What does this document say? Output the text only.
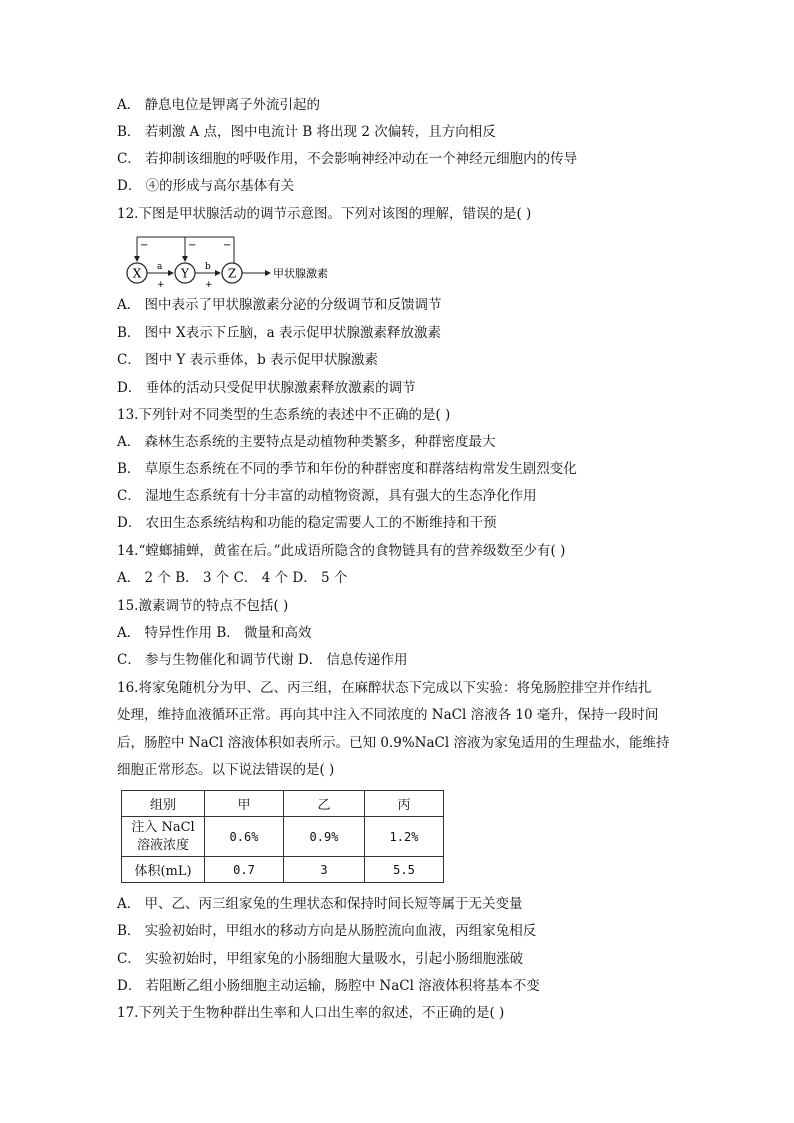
A． 静息电位是钾离子外流引起的
B． 若刺激 A 点，图中电流计 B 将出现 2 次偏转，且方向相反
C． 若抑制该细胞的呼吸作用，不会影响神经冲动在一个神经元细胞内的传导
D． ④的形成与高尔基体有关
12.下图是甲状腺活动的调节示意图。下列对该图的理解，错误的是( )
−	−	−
X	Y	Z
a	b
+	+
甲状腺激素
A． 图中表示了甲状腺激素分泌的分级调节和反馈调节
B． 图中 X表示下丘脑，a 表示促甲状腺激素释放激素
C． 图中 Y 表示垂体，b 表示促甲状腺激素
D． 垂体的活动只受促甲状腺激素释放激素的调节
13.下列针对不同类型的生态系统的表述中不正确的是( )
A． 森林生态系统的主要特点是动植物种类繁多，种群密度最大
B． 草原生态系统在不同的季节和年份的种群密度和群落结构常发生剧烈变化
C． 湿地生态系统有十分丰富的动植物资源，具有强大的生态净化作用
D． 农田生态系统结构和功能的稳定需要人工的不断维持和干预
14.“螳螂捕蝉，黄雀在后。”此成语所隐含的食物链具有的营养级数至少有( )
A． 2 个 B． 3 个 C． 4 个 D． 5 个
15.激素调节的特点不包括( )
A． 特异性作用 B． 微量和高效
C． 参与生物催化和调节代谢 D． 信息传递作用
16.将家兔随机分为甲、乙、丙三组，在麻醉状态下完成以下实验：将兔肠腔排空并作结扎
处理，维持血液循环正常。再向其中注入不同浓度的 NaCl 溶液各 10 毫升，保持一段时间
后，肠腔中 NaCl 溶液体积如表所示。已知 0.9%NaCl 溶液为家兔适用的生理盐水，能维持
细胞正常形态。以下说法错误的是( )
组别	甲	乙	丙

注入 NaCl
溶液浓度	0.6%	0.9%	1.2%
体积(mL)	0.7	3	5.5
A． 甲、乙、丙三组家兔的生理状态和保持时间长短等属于无关变量
B． 实验初始时，甲组水的移动方向是从肠腔流向血液，丙组家兔相反
C． 实验初始时，甲组家兔的小肠细胞大量吸水，引起小肠细胞涨破
D． 若阻断乙组小肠细胞主动运输，肠腔中 NaCl 溶液体积将基本不变
17.下列关于生物种群出生率和人口出生率的叙述，不正确的是( )
